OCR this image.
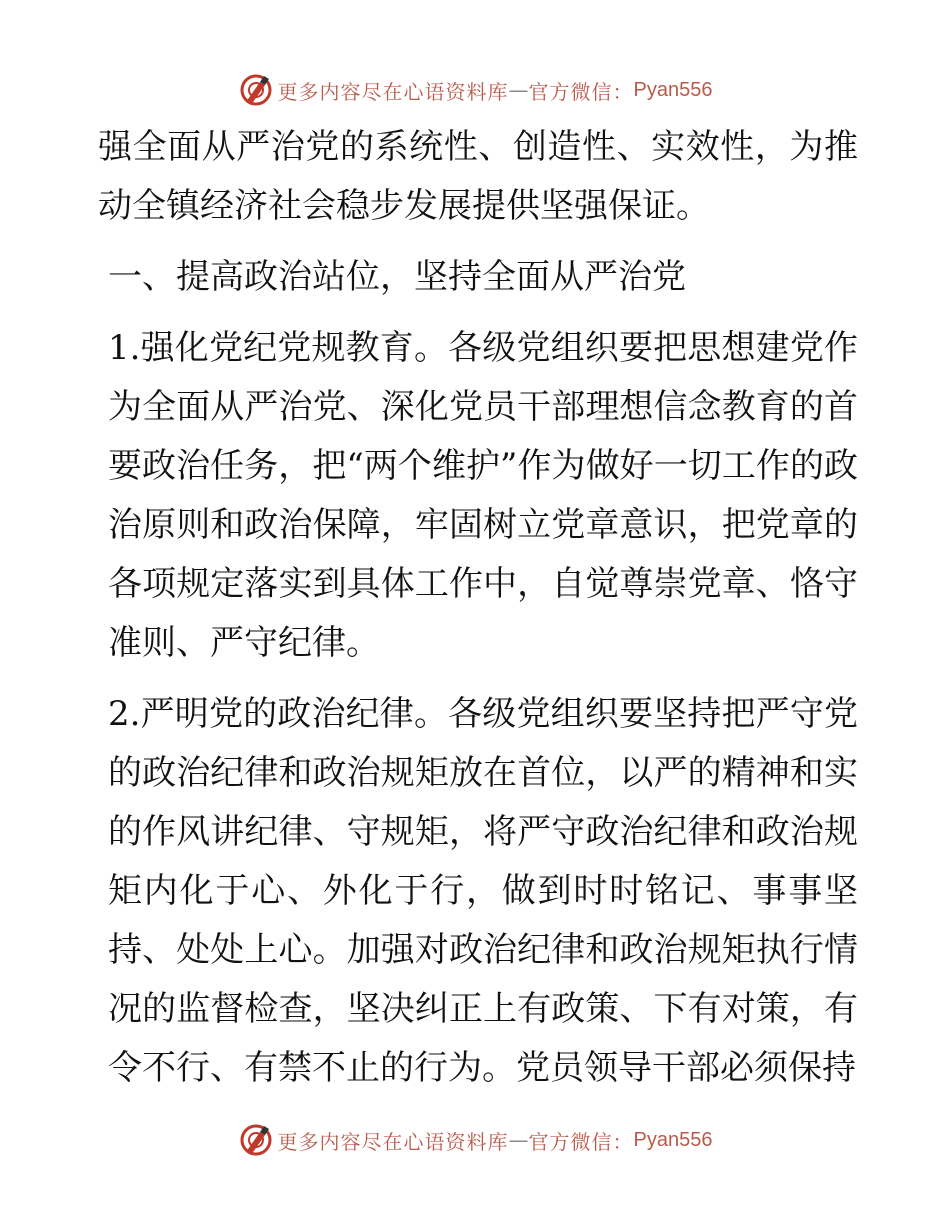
更多内容尽在心语资料库 — 官方微信： Pyan556

强全面从严治党的系统性、创造性、实效性，为推动全镇经济社会稳步发展提供坚强保证。

一、提高政治站位，坚持全面从严治党

1.强化党纪党规教育。各级党组织要把思想建党作为全面从严治党、深化党员干部理想信念教育的首要政治任务，把“两个维护”作为做好一切工作的政治原则和政治保障，牢固树立党章意识，把党章的各项规定落实到具体工作中，自觉尊崇党章、恪守准则、严守纪律。

2.严明党的政治纪律。各级党组织要坚持把严守党的政治纪律和政治规矩放在首位，以严的精神和实的作风讲纪律、守规矩，将严守政治纪律和政治规矩内化于心、外化于行，做到时时铭记、事事坚持、处处上心。加强对政治纪律和政治规矩执行情况的监督检查，坚决纠正上有政策、下有对策，有令不行、有禁不止的行为。党员领导干部必须保持

更多内容尽在心语资料库 — 官方微信： Pyan556
